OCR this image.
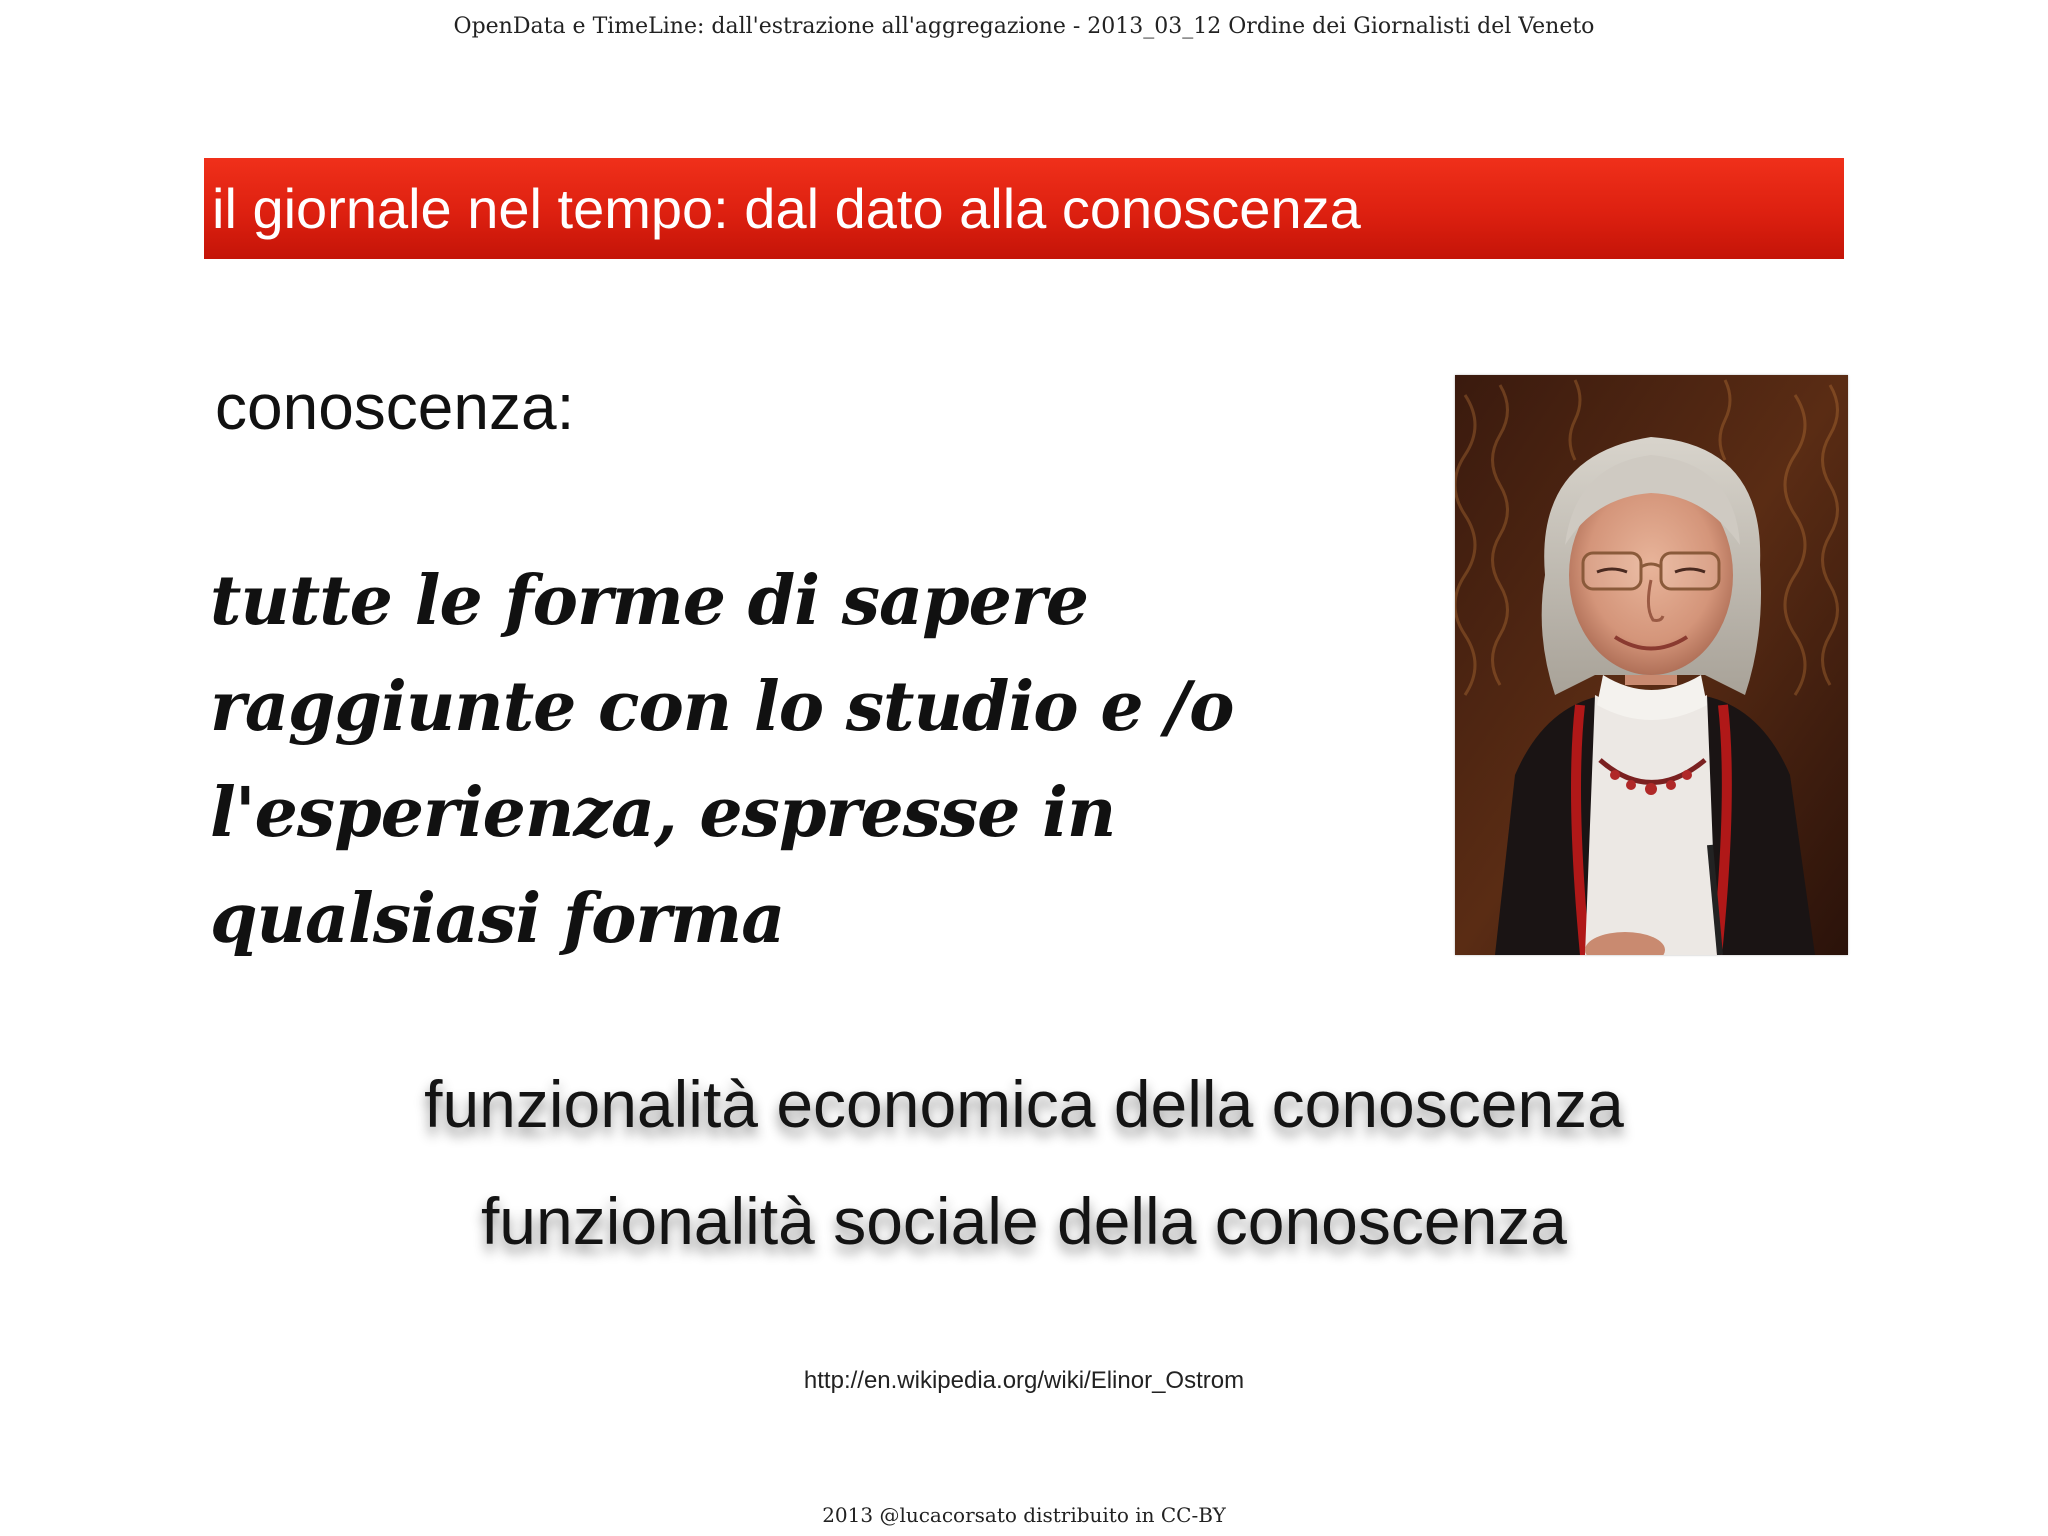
OpenData e TimeLine: dall'estrazione all'aggregazione - 2013_03_12 Ordine dei Giornalisti del Veneto
il giornale nel tempo: dal dato alla conoscenza
conoscenza:
tutte le forme di sapere
raggiunte con lo studio e /o
l'esperienza, espresse in
qualsiasi forma
funzionalità economica della conoscenza
funzionalità sociale della conoscenza
http://en.wikipedia.org/wiki/Elinor_Ostrom
2013 @lucacorsato distribuito in CC-BY
